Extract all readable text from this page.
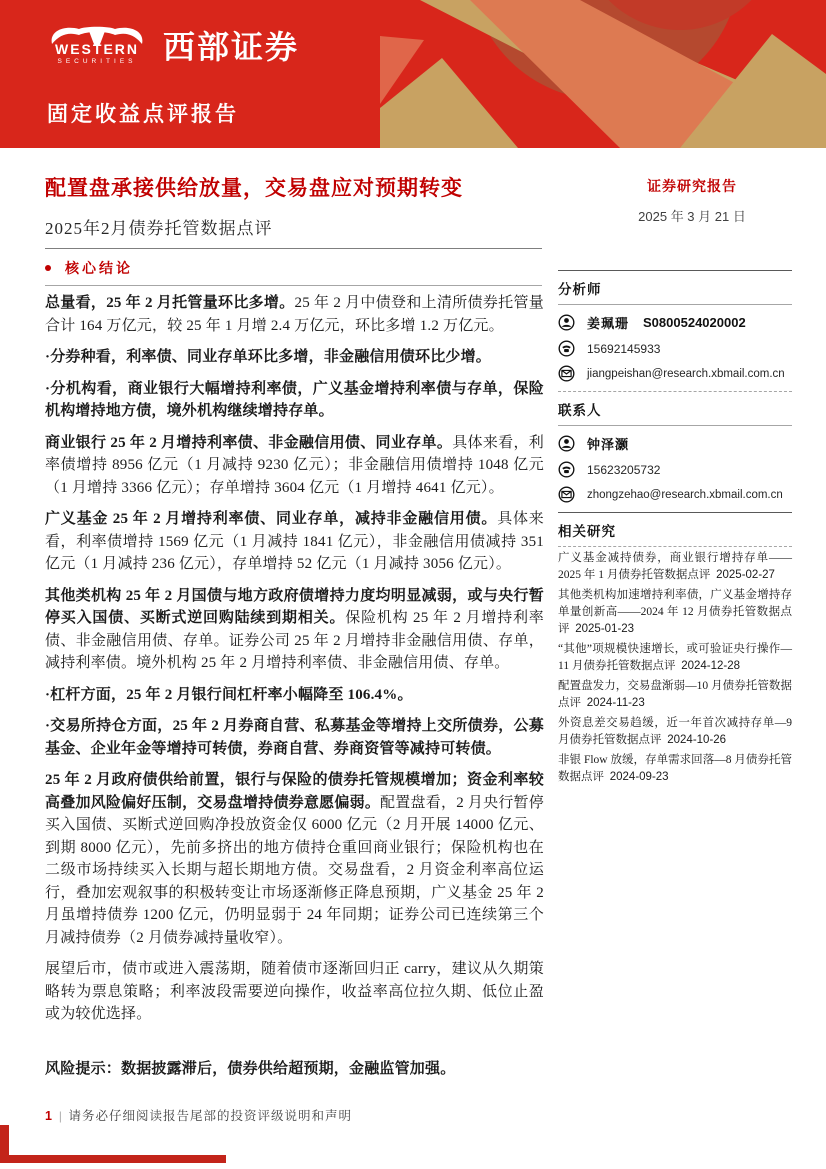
WESTERN
SECURITIES 西部证券
固定收益点评报告
配置盘承接供给放量，交易盘应对预期转变
2025年2月债券托管数据点评
证券研究报告
2025 年 3 月 21 日
核心结论

总量看，25 年 2 月托管量环比多增。25 年 2 月中债登和上清所债券托管量合计 164 万亿元，较 25 年 1 月增 2.4 万亿元，环比多增 1.2 万亿元。

·分券种看，利率债、同业存单环比多增，非金融信用债环比少增。

·分机构看，商业银行大幅增持利率债，广义基金增持利率债与存单，保险机构增持地方债，境外机构继续增持存单。

商业银行 25 年 2 月增持利率债、非金融信用债、同业存单。具体来看，利率债增持 8956 亿元（1 月减持 9230 亿元）；非金融信用债增持 1048 亿元（1 月增持 3366 亿元）；存单增持 3604 亿元（1 月增持 4641 亿元）。

广义基金 25 年 2 月增持利率债、同业存单，减持非金融信用债。具体来看，利率债增持 1569 亿元（1 月减持 1841 亿元），非金融信用债减持 351 亿元（1 月减持 236 亿元），存单增持 52 亿元（1 月减持 3056 亿元）。

其他类机构 25 年 2 月国债与地方政府债增持力度均明显减弱，或与央行暂停买入国债、买断式逆回购陆续到期相关。保险机构 25 年 2 月增持利率债、非金融信用债、存单。证券公司 25 年 2 月增持非金融信用债、存单，减持利率债。境外机构 25 年 2 月增持利率债、非金融信用债、存单。

·杠杆方面，25 年 2 月银行间杠杆率小幅降至 106.4%。

·交易所持仓方面，25 年 2 月券商自营、私募基金等增持上交所债券，公募基金、企业年金等增持可转债，券商自营、券商资管等减持可转债。

25 年 2 月政府债供给前置，银行与保险的债券托管规模增加；资金利率较高叠加风险偏好压制，交易盘增持债券意愿偏弱。配置盘看，2 月央行暂停买入国债、买断式逆回购净投放资金仅 6000 亿元（2 月开展 14000 亿元、到期 8000 亿元），先前多挤出的地方债持仓重回商业银行；保险机构也在二级市场持续买入长期与超长期地方债。交易盘看，2 月资金利率高位运行，叠加宏观叙事的积极转变让市场逐渐修正降息预期，广义基金 25 年 2 月虽增持债券 1200 亿元，仍明显弱于 24 年同期；证券公司已连续第三个月减持债券（2 月债券减持量收窄）。

展望后市，债市或进入震荡期，随着债市逐渐回归正 carry，建议从久期策略转为票息策略；利率波段需要逆向操作，收益率高位拉久期、低位止盈或为较优选择。

风险提示：数据披露滞后，债券供给超预期，金融监管加强。

分析师
姜珮珊 S0800524020002
15692145933
jiangpeishan@research.xbmail.com.cn
联系人
钟泽灏
15623205732
zhongzehao@research.xbmail.com.cn
相关研究
广义基金减持债券，商业银行增持存单——2025 年 1 月债券托管数据点评 2025-02-27
其他类机构加速增持利率债，广义基金增持存单量创新高——2024 年 12 月债券托管数据点评 2025-01-23
“其他”项规模快速增长，或可验证央行操作—11 月债券托管数据点评 2024-12-28
配置盘发力，交易盘渐弱—10 月债券托管数据点评 2024-11-23
外资息差交易趋缓，近一年首次减持存单—9 月债券托管数据点评 2024-10-26
非银 Flow 放缓，存单需求回落—8 月债券托管数据点评 2024-09-23
1 | 请务必仔细阅读报告尾部的投资评级说明和声明
